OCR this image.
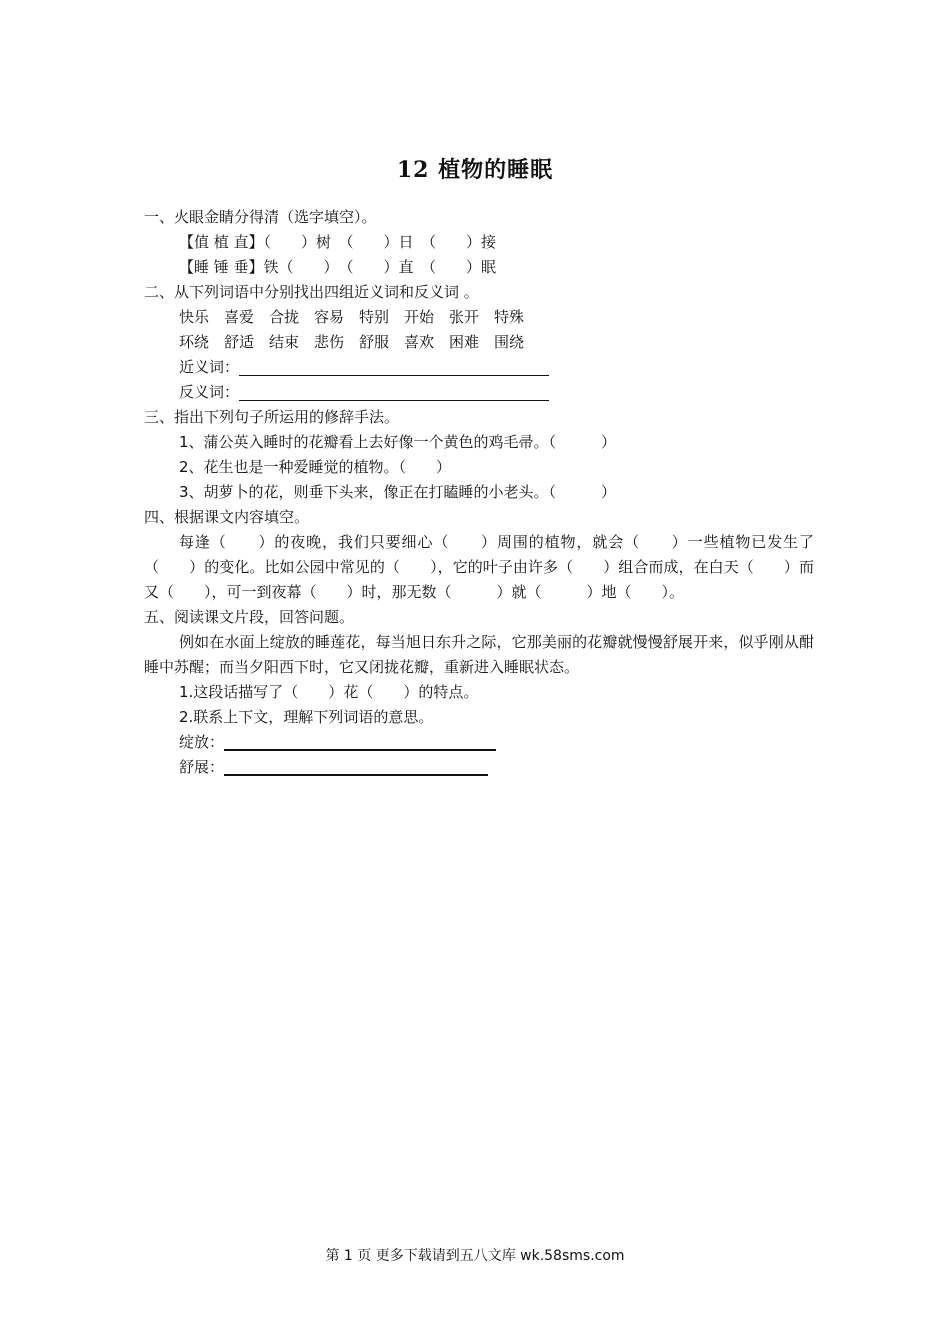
12 植物的睡眠
一、火眼金睛分得清（选字填空）。
【值 植 直】（　　）树　（　　）日　（　　）接
【睡 锤 垂】铁（　　）　（　　）直　（　　）眠
二、从下列词语中分别找出四组近义词和反义词 。
快乐　喜爱　合拢　容易　特别　开始　张开　特殊
环绕　舒适　结束　悲伤　舒服　喜欢　困难　围绕
近义词：
反义词：
三、指出下列句子所运用的修辞手法。
1、蒲公英入睡时的花瓣看上去好像一个黄色的鸡毛帚。（　　　）
2、花生也是一种爱睡觉的植物。（　　）
3、胡萝卜的花，则垂下头来，像正在打瞌睡的小老头。（　　　）
四、根据课文内容填空。
每逢（　　）的夜晚，我们只要细心（　　）周围的植物，就会（　　）一些植物已发生了（　　）的变化。比如公园中常见的（　　），它的叶子由许多（　　）组合而成，在白天（　　）而又（　　），可一到夜幕（　　）时，那无数（　　　）就（　　　）地（　　）。
五、阅读课文片段，回答问题。
例如在水面上绽放的睡莲花，每当旭日东升之际，它那美丽的花瓣就慢慢舒展开来，似乎刚从酣睡中苏醒；而当夕阳西下时，它又闭拢花瓣，重新进入睡眠状态。
1.这段话描写了（　　）花（　　）的特点。
2.联系上下文，理解下列词语的意思。
绽放：
舒展：
第 1 页 更多下载请到五八文库 wk.58sms.com
